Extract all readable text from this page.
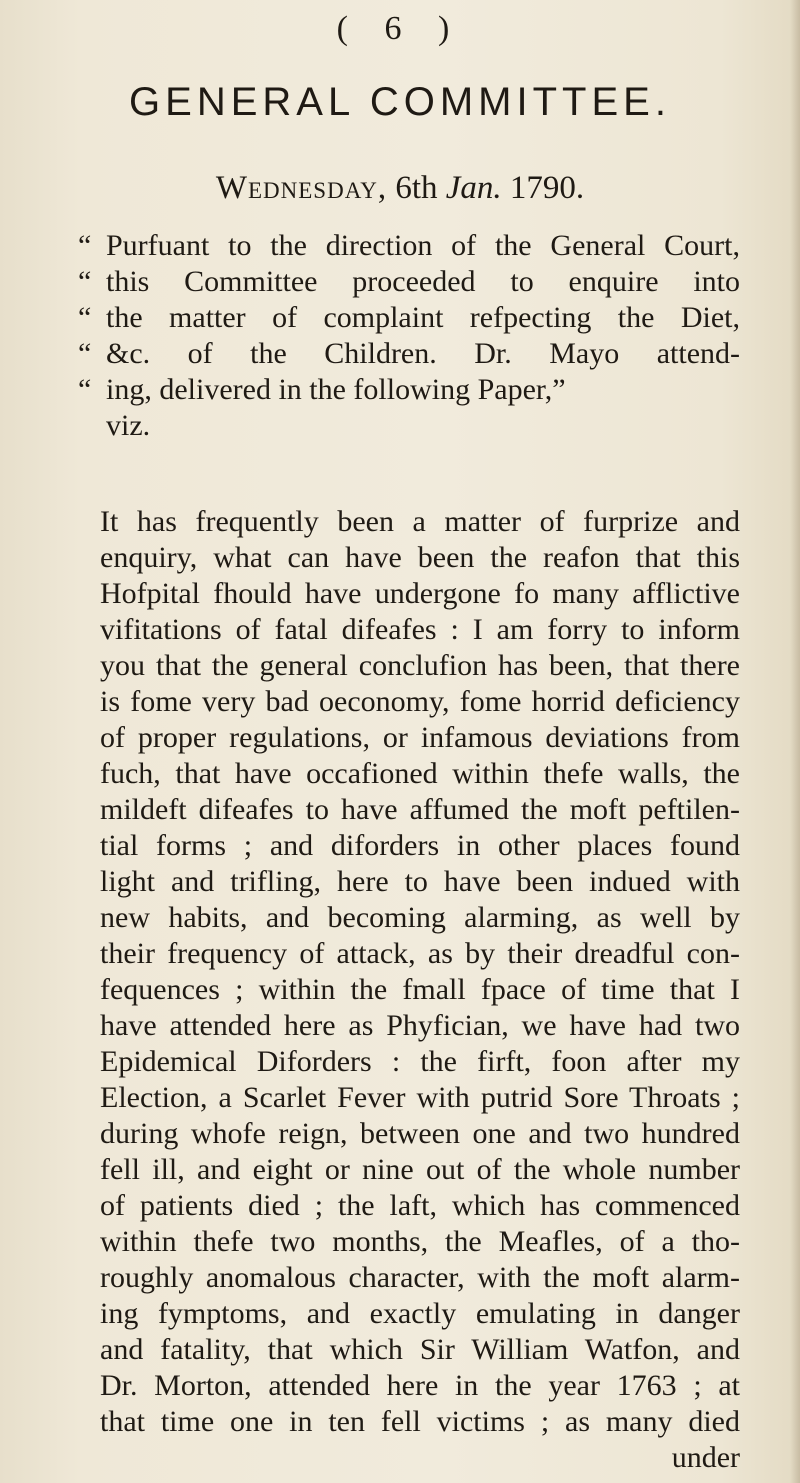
( 6 )
GENERAL COMMITTEE.
Wednesday, 6th Jan. 1790.
“ Purfuant to the direction of the General Court,
“ this Committee proceeded to enquire into
“ the matter of complaint refpecting the Diet,
“ &c. of the Children. Dr. Mayo attend-
“ ing, delivered in the following Paper,”
viz.
It has frequently been a matter of furprize and
enquiry, what can have been the reafon that this
Hofpital fhould have undergone fo many afflictive
vifitations of fatal difeafes : I am forry to inform
you that the general conclufion has been, that there
is fome very bad oeconomy, fome horrid deficiency
of proper regulations, or infamous deviations from
fuch, that have occafioned within thefe walls, the
mildeft difeafes to have affumed the moft peftilen-
tial forms ; and diforders in other places found
light and trifling, here to have been indued with
new habits, and becoming alarming, as well by
their frequency of attack, as by their dreadful con-
fequences ; within the fmall fpace of time that I
have attended here as Phyfician, we have had two
Epidemical Diforders : the firft, foon after my
Election, a Scarlet Fever with putrid Sore Throats ;
during whofe reign, between one and two hundred
fell ill, and eight or nine out of the whole number
of patients died ; the laft, which has commenced
within thefe two months, the Meafles, of a tho-
roughly anomalous character, with the moft alarm-
ing fymptoms, and exactly emulating in danger
and fatality, that which Sir William Watfon, and
Dr. Morton, attended here in the year 1763 ; at
that time one in ten fell victims ; as many died
under
